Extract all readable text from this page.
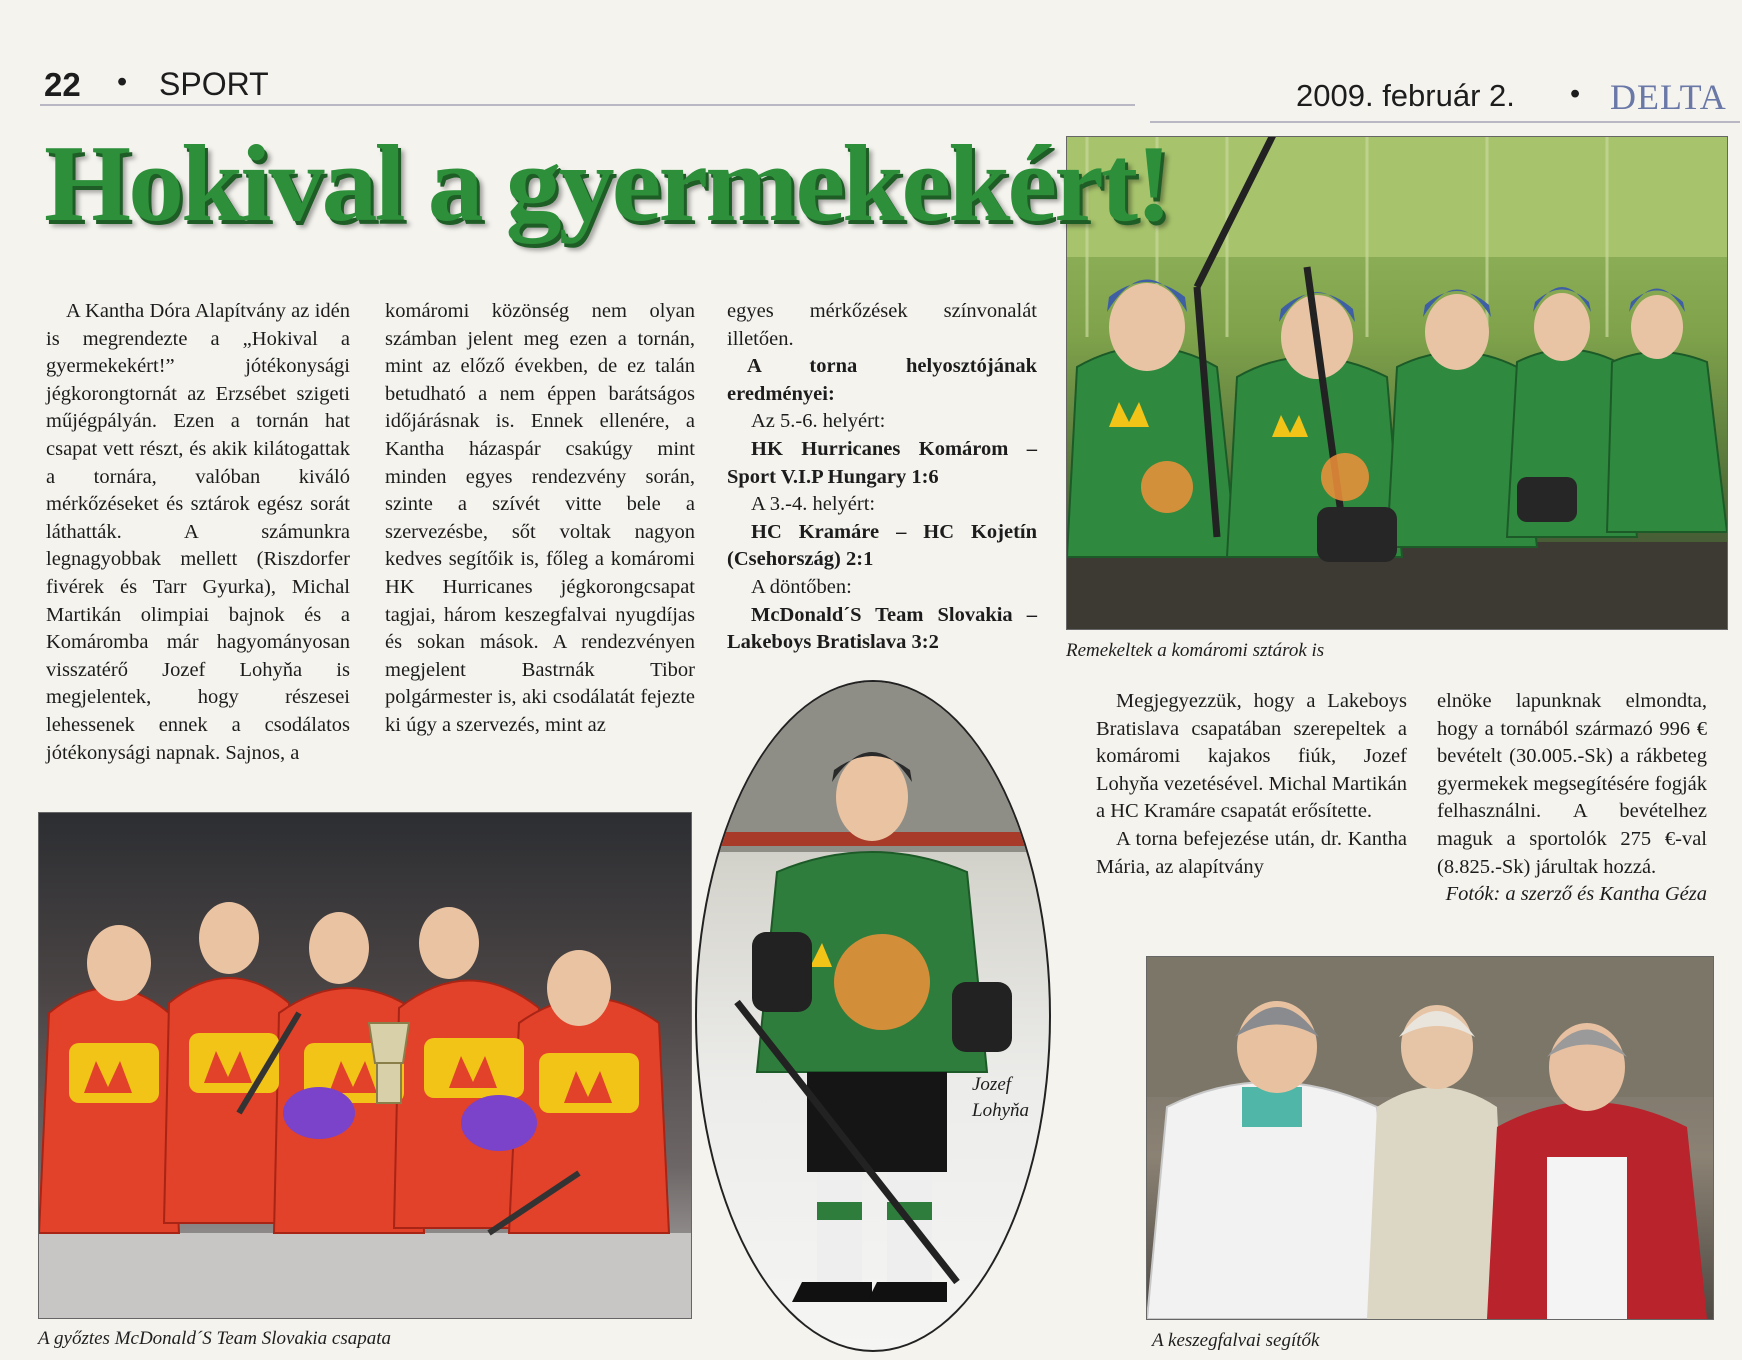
22 • SPORT	2009. február 2. • DELTA
Remekeltek a komáromi sztárok is
Hokival a gyermekekért!

A Kantha Dóra Alapítvány az idén is megrendezte a „Hokival a gyermekekért!” jótékonysági jégkorongtornát az Erzsébet szigeti műjégpályán. Ezen a tornán hat csapat vett részt, és akik kilátogattak a tornára, valóban kiváló mérkőzéseket és sztárok egész sorát láthatták. A számunkra legnagyobbak mellett (Riszdorfer fivérek és Tarr Gyurka), Michal Martikán olimpiai bajnok és a Komáromba már hagyományosan visszatérő Jozef Lohyňa is megjelentek, hogy részesei lehessenek ennek a csodálatos jótékonysági napnak. Sajnos, a

komáromi közönség nem olyan számban jelent meg ezen a tornán, mint az előző években, de ez talán betudható a nem éppen barátságos időjárásnak is. Ennek ellenére, a Kantha házaspár csakúgy mint minden egyes rendezvény során, szinte a szívét vitte bele a szervezésbe, sőt voltak nagyon kedves segítőik is, főleg a komáromi HK Hurricanes jégkorongcsapat tagjai, három keszegfalvai nyugdíjas és sokan mások. A rendezvényen megjelent Bastrnák Tibor polgármester is, aki csodálatát fejezte ki úgy a szervezés, mint az

egyes mérkőzések színvonalát illetően.

A torna helyosztójának eredményei:

Az 5.-6. helyért:

HK Hurricanes Komárom – Sport V.I.P Hungary 1:6

A 3.-4. helyért:

HC Kramáre – HC Kojetín (Csehország) 2:1

A döntőben:

McDonald´S Team Slovakia – Lakeboys Bratislava 3:2

Megjegyezzük, hogy a Lakeboys Bratislava csapatában szerepeltek a komáromi kajakos fiúk, Jozef Lohyňa vezetésével. Michal Martikán a HC Kramáre csapatát erősítette.

A torna befejezése után, dr. Kantha Mária, az alapítvány

elnöke lapunknak elmondta, hogy a tornából származó 996 € bevételt (30.005.-Sk) a rákbeteg gyermekek megsegítésére fogják felhasználni. A bevételhez maguk a sportolók 275 €-val (8.825.-Sk) járultak hozzá.

Fotók: a szerző és Kantha Géza

A győztes McDonald´S Team Slovakia csapata
Jozef
Lohyňa
A keszegfalvai segítők
